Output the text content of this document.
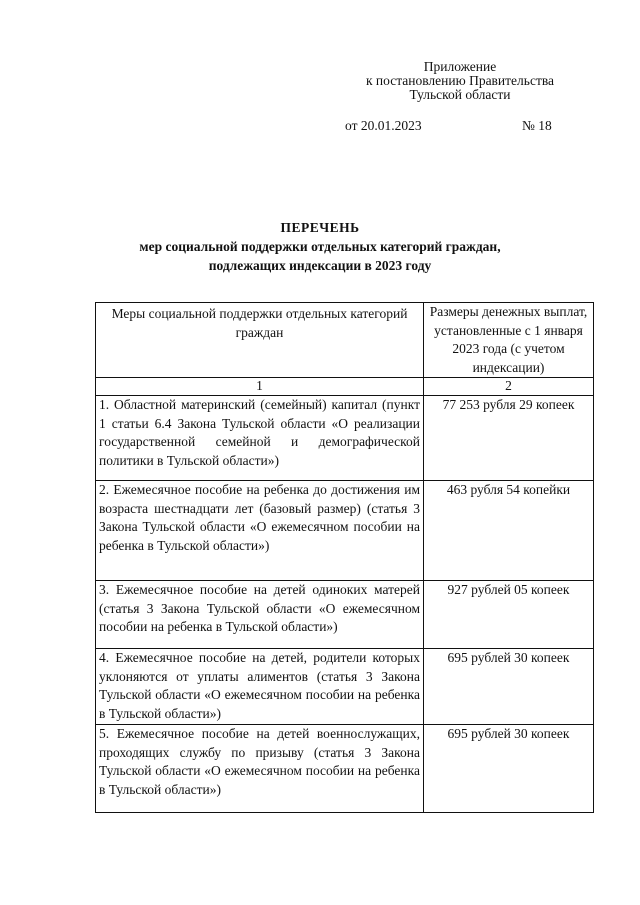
Приложение
к постановлению Правительства
Тульской области
от 20.01.2023	№ 18
ПЕРЕЧЕНЬ
мер социальной поддержки отдельных категорий граждан,
подлежащих индексации в 2023 году
Меры социальной поддержки отдельных категорий граждан	Размеры денежных выплат, установленные с 1 января 2023 года (с учетом индексации)
1	2
1. Областной материнский (семейный) капитал (пункт 1 статьи 6.4 Закона Тульской области «О реализации государственной семейной и демографической политики в Тульской области»)	77 253 рубля 29 копеек
2. Ежемесячное пособие на ребенка до достижения им возраста шестнадцати лет (базовый размер) (статья 3 Закона Тульской области «О ежемесячном пособии на ребенка в Тульской области»)	463 рубля 54 копейки
3. Ежемесячное пособие на детей одиноких матерей (статья 3 Закона Тульской области «О ежемесячном пособии на ребенка в Тульской области»)	927 рублей 05 копеек
4. Ежемесячное пособие на детей, родители которых уклоняются от уплаты алиментов (статья 3 Закона Тульской области «О ежемесячном пособии на ребенка в Тульской области»)	695 рублей 30 копеек
5. Ежемесячное пособие на детей военнослужащих, проходящих службу по призыву (статья 3 Закона Тульской области «О ежемесячном пособии на ребенка в Тульской области»)	695 рублей 30 копеек
